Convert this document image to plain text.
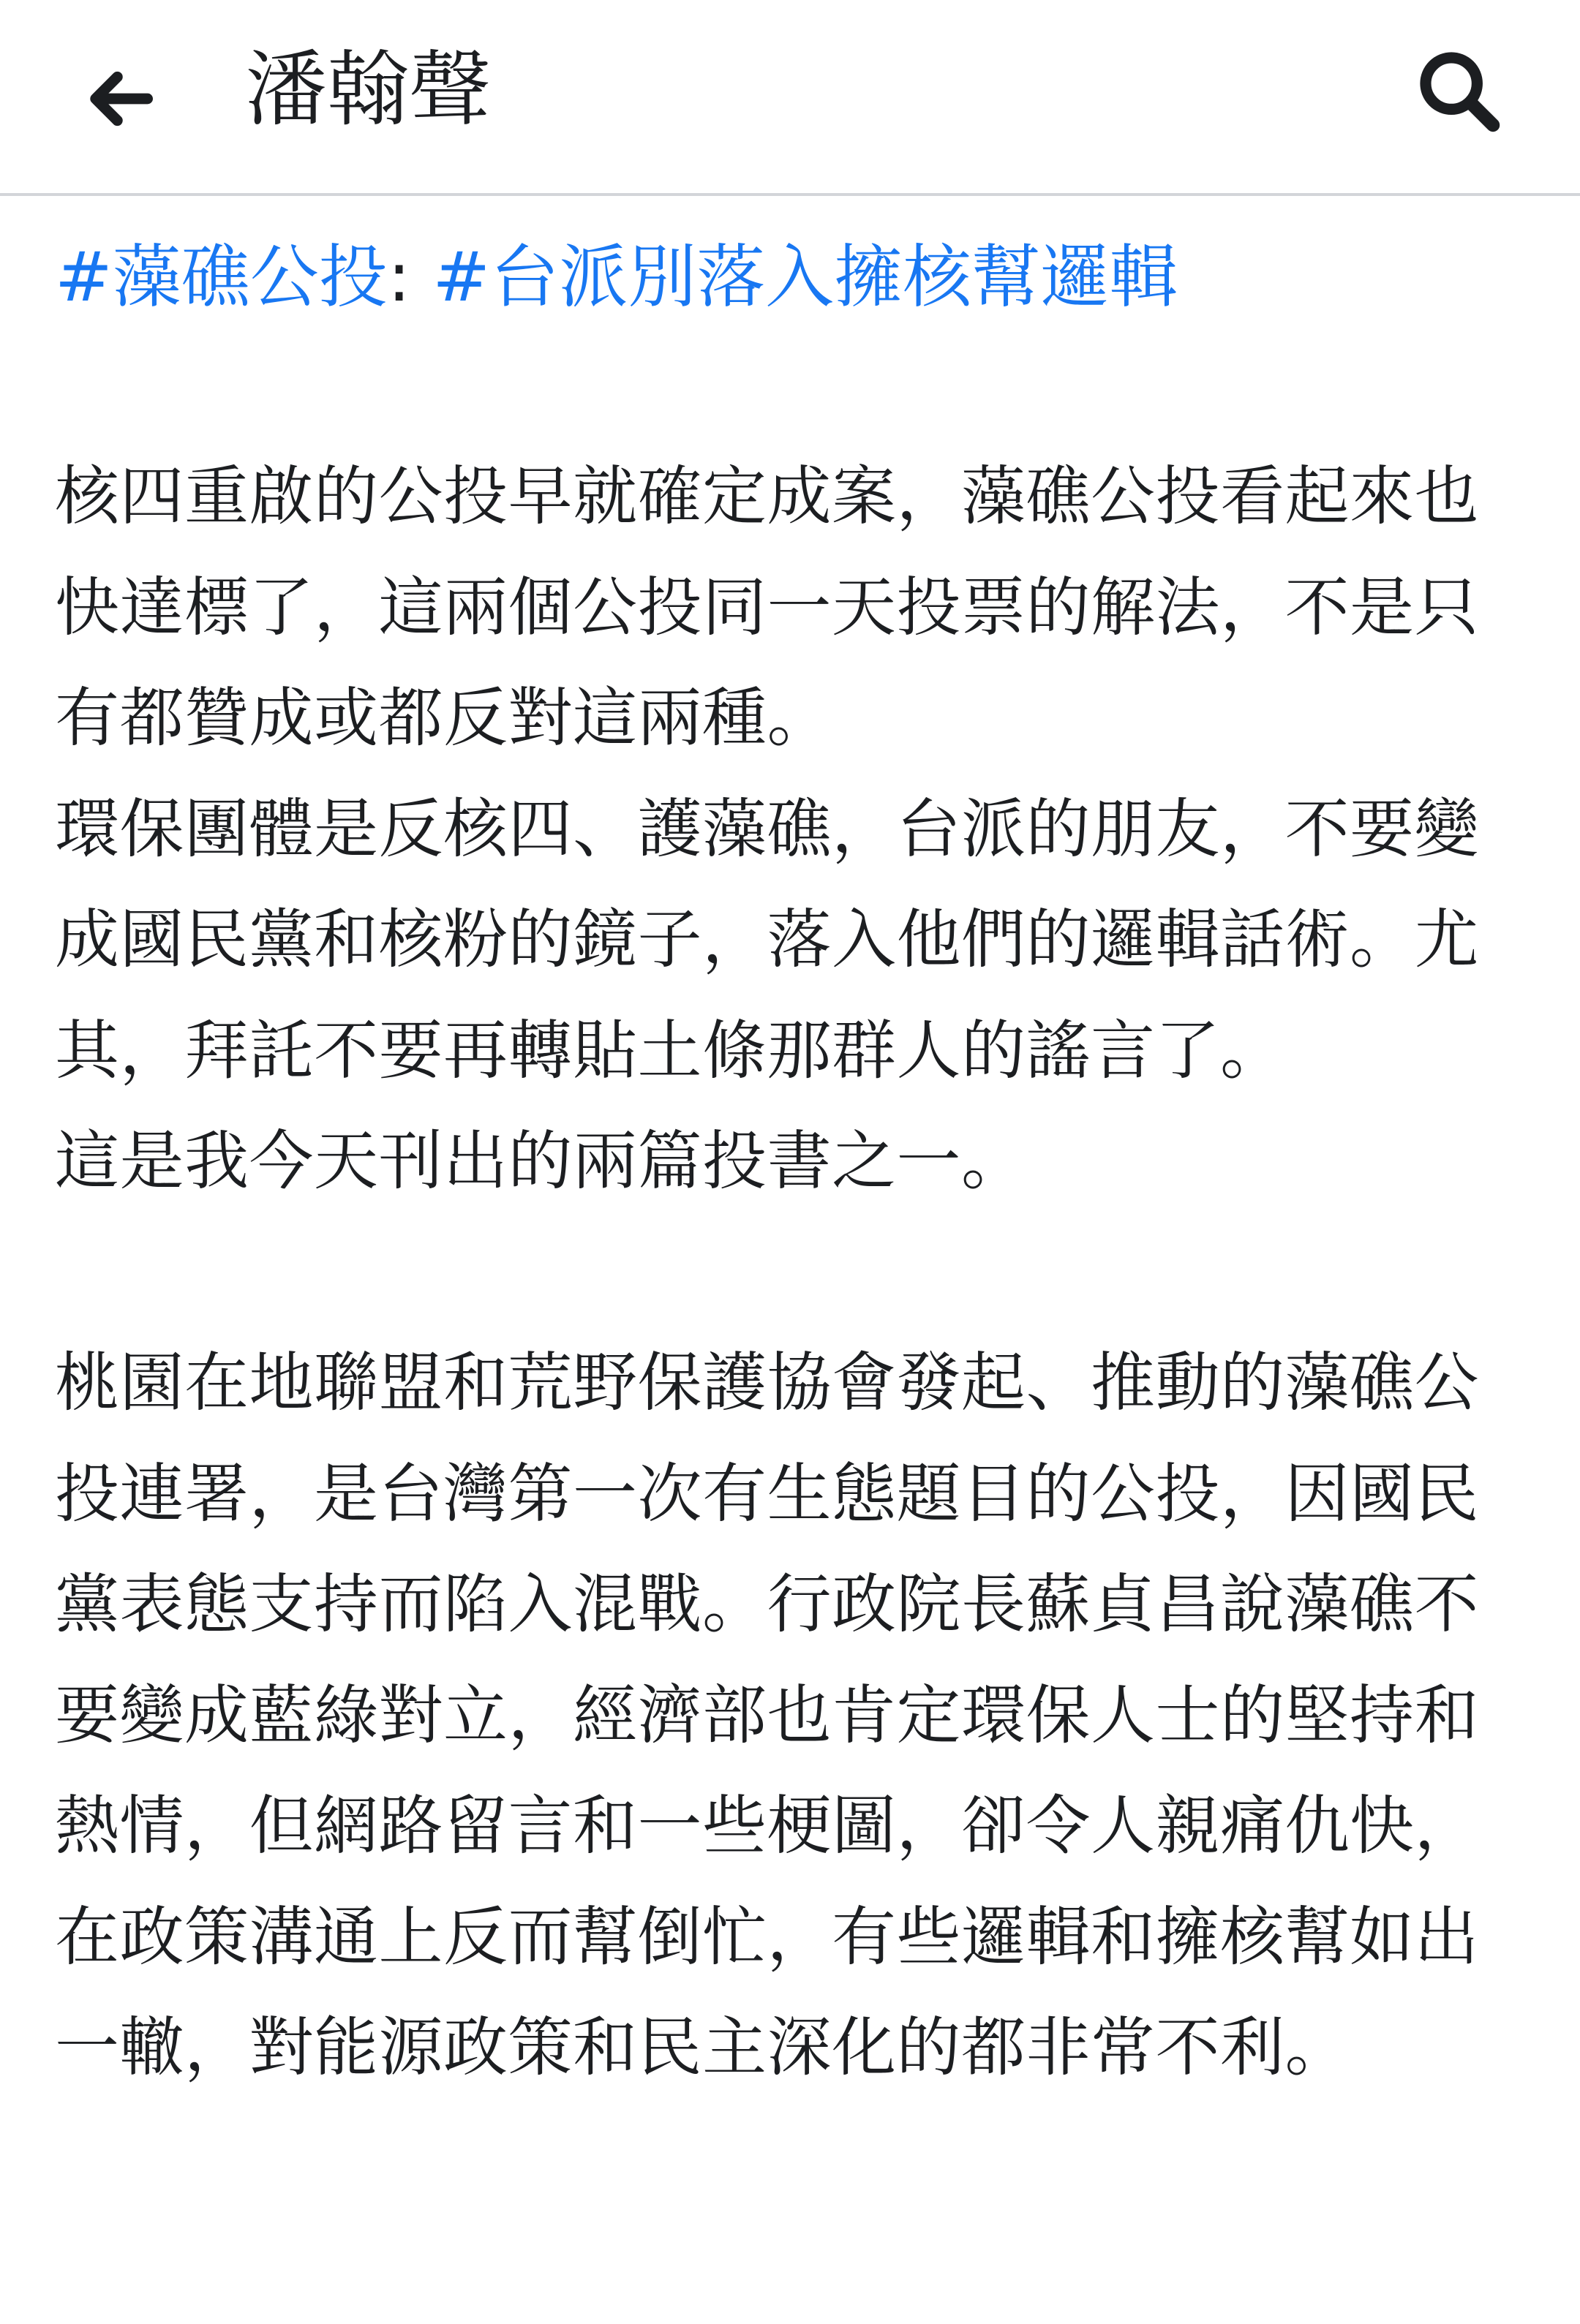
潘翰聲
#藻礁公投: #台派別落入擁核幫邏輯

核四重啟的公投早就確定成案，藻礁公投看起來也快達標了，這兩個公投同一天投票的解法，不是只有都贊成或都反對這兩種。

環保團體是反核四、護藻礁，台派的朋友，不要變成國民黨和核粉的鏡子，落入他們的邏輯話術。尤其，拜託不要再轉貼土條那群人的謠言了。

這是我今天刊出的兩篇投書之一。

桃園在地聯盟和荒野保護協會發起、推動的藻礁公投連署，是台灣第一次有生態題目的公投，因國民黨表態支持而陷入混戰。行政院長蘇貞昌說藻礁不要變成藍綠對立，經濟部也肯定環保人士的堅持和熱情，但網路留言和一些梗圖，卻令人親痛仇快，在政策溝通上反而幫倒忙，有些邏輯和擁核幫如出一轍，對能源政策和民主深化的都非常不利。
